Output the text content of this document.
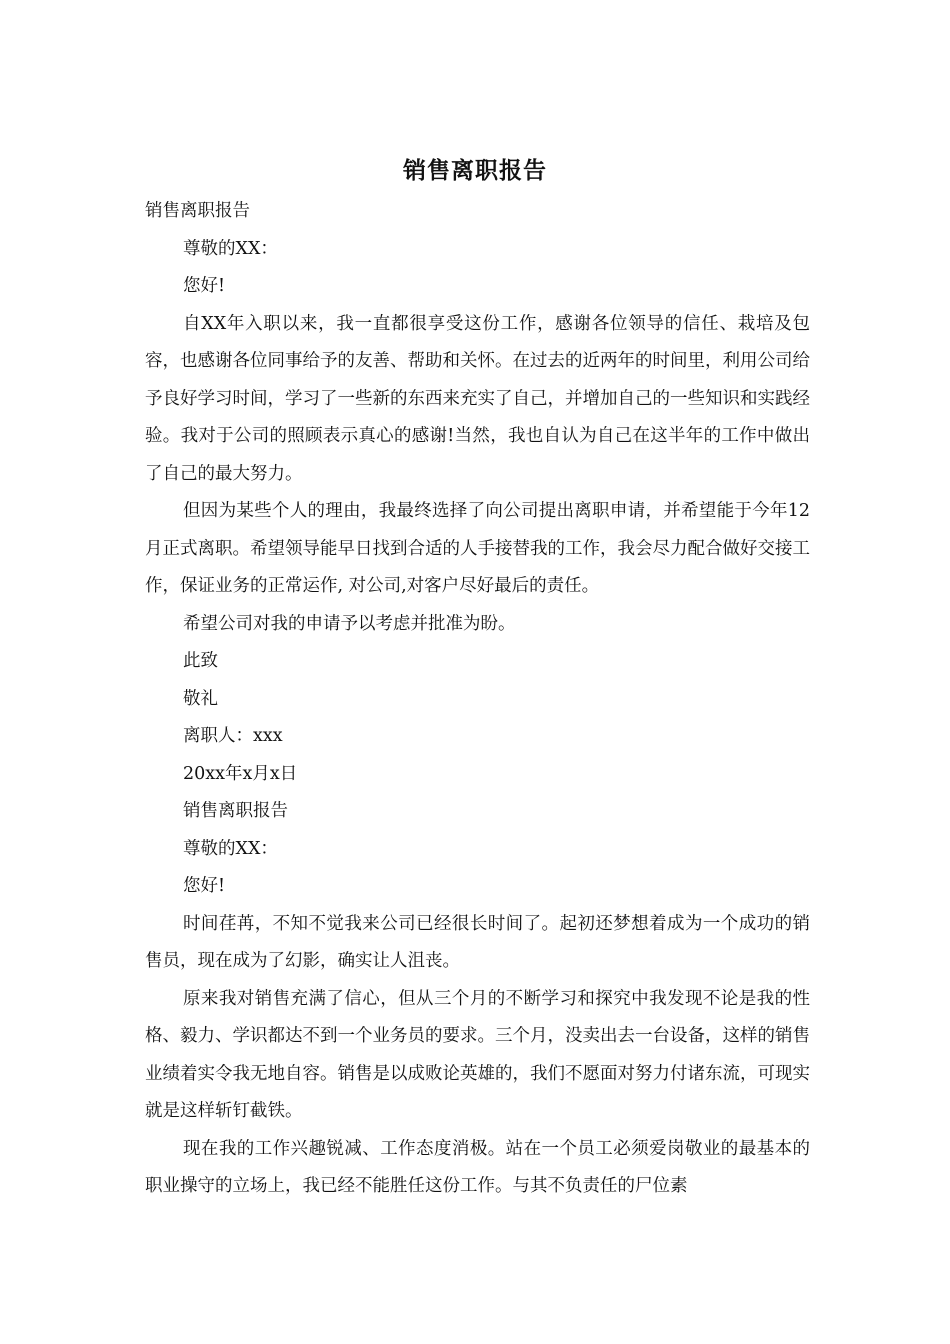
销售离职报告

销售离职报告

尊敬的XX：

您好!

自XX年入职以来，我一直都很享受这份工作，感谢各位领导的信任、栽培及包容，也感谢各位同事给予的友善、帮助和关怀。在过去的近两年的时间里，利用公司给予良好学习时间，学习了一些新的东西来充实了自己，并增加自己的一些知识和实践经验。我对于公司的照顾表示真心的感谢!当然，我也自认为自己在这半年的工作中做出了自己的最大努力。

但因为某些个人的理由，我最终选择了向公司提出离职申请，并希望能于今年12月正式离职。希望领导能早日找到合适的人手接替我的工作，我会尽力配合做好交接工作，保证业务的正常运作, 对公司,对客户尽好最后的责任。

希望公司对我的申请予以考虑并批准为盼。

此致

敬礼

离职人：xxx

20xx年x月x日

销售离职报告

尊敬的XX：

您好!

时间荏苒，不知不觉我来公司已经很长时间了。起初还梦想着成为一个成功的销售员，现在成为了幻影，确实让人沮丧。

原来我对销售充满了信心，但从三个月的不断学习和探究中我发现不论是我的性格、毅力、学识都达不到一个业务员的要求。三个月，没卖出去一台设备，这样的销售业绩着实令我无地自容。销售是以成败论英雄的，我们不愿面对努力付诸东流，可现实就是这样斩钉截铁。

现在我的工作兴趣锐减、工作态度消极。站在一个员工必须爱岗敬业的最基本的职业操守的立场上，我已经不能胜任这份工作。与其不负责任的尸位素
